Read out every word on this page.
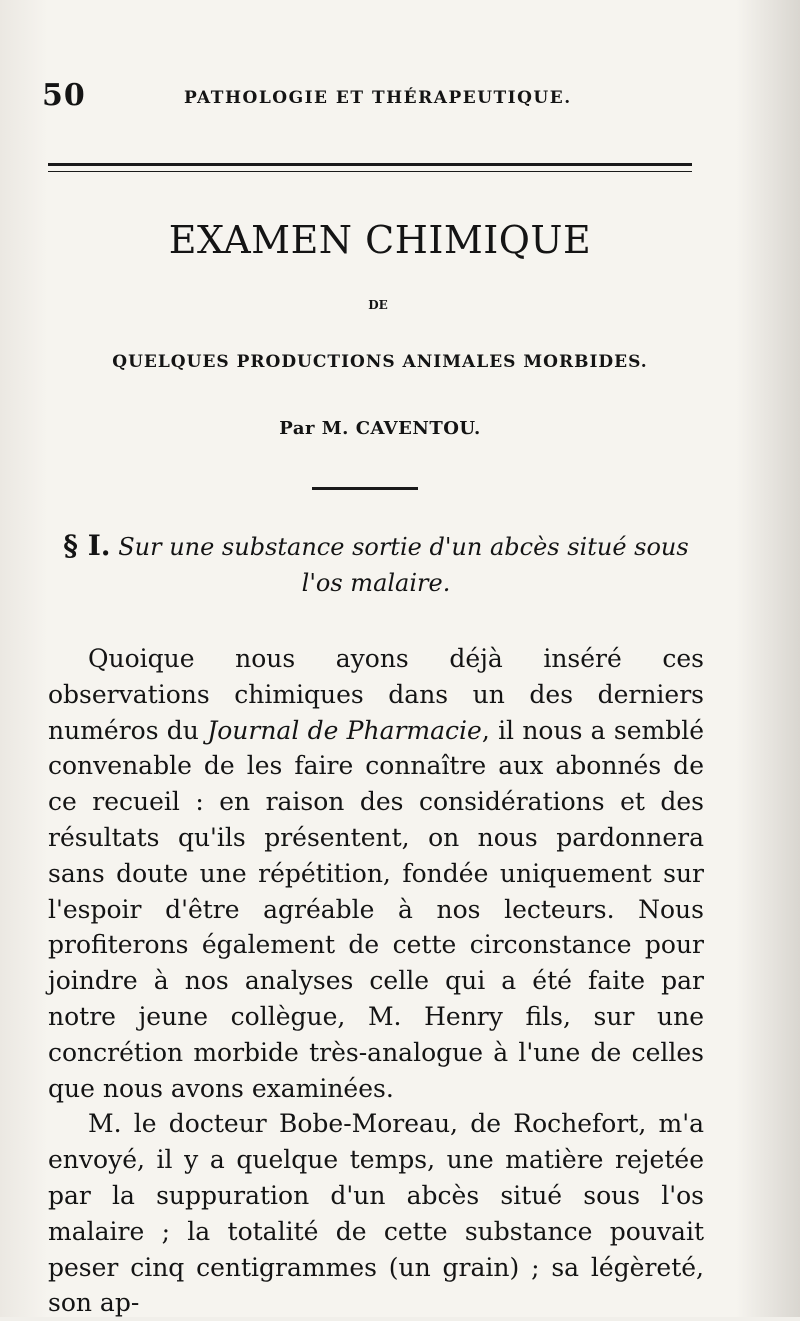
50	PATHOLOGIE ET THÉRAPEUTIQUE.
EXAMEN CHIMIQUE
DE
QUELQUES PRODUCTIONS ANIMALES MORBIDES.
Par M. CAVENTOU.
§ I. Sur une substance sortie d'un abcès situé sous l'os malaire.

Quoique nous ayons déjà inséré ces observations chimiques dans un des derniers numéros du Journal de Pharmacie, il nous a semblé convenable de les faire connaître aux abonnés de ce recueil : en raison des considérations et des résultats qu'ils présentent, on nous pardonnera sans doute une répétition, fondée uniquement sur l'espoir d'être agréable à nos lecteurs. Nous profiterons également de cette circonstance pour joindre à nos analyses celle qui a été faite par notre jeune collègue, M. Henry fils, sur une concrétion morbide très-analogue à l'une de celles que nous avons examinées.

M. le docteur Bobe-Moreau, de Rochefort, m'a envoyé, il y a quelque temps, une matière rejetée par la suppuration d'un abcès situé sous l'os malaire ; la totalité de cette substance pouvait peser cinq centigrammes (un grain) ; sa légèreté, son ap-
